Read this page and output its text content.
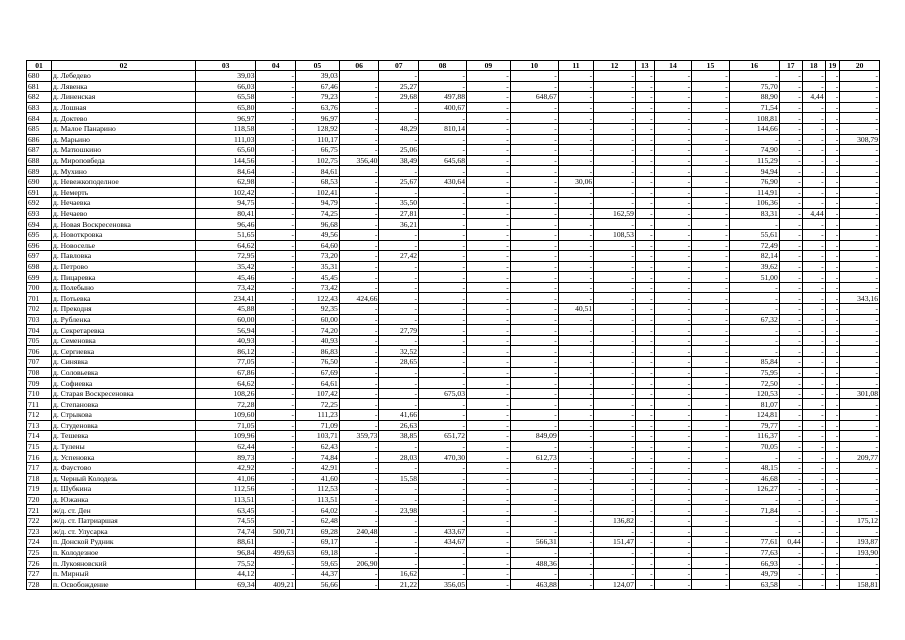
01	02	03	04	05	06	07	08	09	10	11	12	13	14	15	16	17	18	19	20
680	д. Лебедево	39,03	-	39,03		-	-	-	-	-	-	-	-	-	-	-	-	-	-
681	д. Лявенка	66,03	-	67,46	-	25,27	-	-	-	-	-	-	-	-	75,70	-	-	-	-
682	д. Линенская	65,58	-	79,23	-	29,68	497,88	-	648,67	-	-	-	-	-	88,90	-	4,44	-	-
683	д. Лошная	65,80	-	63,76	-	-	400,67	-	-	-	-	-	-	-	71,54	-	-	-	-
684	д. Доктево	96,97	-	96,97	-	-	-	-	-	-	-	-	-	-	108,81	-	-	-	-
685	д. Малое Панарино	118,58	-	128,92	-	48,29	810,14	-	-	-	-	-	-	-	144,66	-	-	-	-
686	д. Марьино	111,03	-	110,17	-	-	-	-	-	-	-	-	-	-	-	-	-	-	308,79
687	д. Матюшкино	65,60	-	66,75	-	25,06	-	-	-	-	-	-	-	-	74,90	-	-	-	-
688	д. Мироповбеда	144,56	-	102,75	356,40	38,49	645,68	-	-	-	-	-	-	-	115,29	-	-	-	-
689	д. Мухино	84,64	-	84,61	-	-	-	-	-	-	-	-	-	-	94,94	-	-	-	-
690	д. Невежкоподелное	62,98	-	68,53	-	25,67	430,64	-	-	30,06	-	-	-	-	76,90	-	-	-	-
691	д. Немерть	102,42	-	102,41	-	-	-	-	-	-	-	-	-	-	114,91	-	-	-	-
692	д. Нечаевка	94,75	-	94,79	-	35,50	-	-	-	-	-	-	-	-	106,36	-	-	-	-
693	д. Нечаево	80,41	-	74,25	-	27,81	-	-	-	-	162,59	-	-	-	83,31	-	4,44	-	-
694	д. Новая Воскресеновка	96,46	-	96,68	-	36,21	-	-	-	-	-	-	-	-	-	-	-	-	-
695	д. Новоткровка	51,65	-	49,56	-	-	-	-	-	-	108,53	-	-	-	55,61	-	-	-	-
696	д. Новоселье	64,62	-	64,60	-	-	-	-	-	-	-	-	-	-	72,49	-	-	-	-
697	д. Павловка	72,95	-	73,20	-	27,42	-	-	-	-	-	-	-	-	82,14	-	-	-	-
698	д. Петрово	35,42	-	35,31	-	-	-	-	-	-	-	-	-	-	39,62	-	-	-	-
699	д. Пицаревка	45,46	-	45,45	-	-	-	-	-	-	-	-	-	-	51,00	-	-	-	-
700	д. Полебыно	73,42	-	73,42	-	-	-	-	-	-	-	-	-	-	-	-	-	-	-
701	д. Потьевка	234,41	-	122,43	424,66	-	-	-	-	-	-	-	-	-	-	-	-	-	343,16
702	д. Прекодня	45,88	-	92,35	-	-	-	-	-	40,51	-	-	-	-	-	-	-	-	-
703	д. Рубленка	60,00	-	60,00	-	-	-	-	-	-	-	-	-	-	67,32	-	-	-	-
704	д. Секретаревка	56,94	-	74,20	-	27,79	-	-	-	-	-	-	-	-	-	-	-	-	-
705	д. Семеновка	40,93	-	40,93	-	-	-	-	-	-	-	-	-	-	-	-	-	-	-
706	д. Сергиевка	86,12	-	86,83	-	32,52	-	-	-	-	-	-	-	-	-	-	-	-	-
707	д. Синявка	77,05	-	76,50	-	28,65	-	-	-	-	-	-	-	-	85,84	-	-	-	-
708	д. Соловьевка	67,86	-	67,69	-	-	-	-	-	-	-	-	-	-	75,95	-	-	-	-
709	д. Софиевка	64,62	-	64,61	-	-	-	-	-	-	-	-	-	-	72,50	-	-	-	-
710	д. Старая Воскресеновка	108,26	-	107,42	-	-	675,03	-	-	-	-	-	-	-	120,53	-	-	-	301,08
711	д. Степановка	72,28	-	72,25	-	-	-	-	-	-	-	-	-	-	81,07	-	-	-	-
712	д. Стрыкова	109,60	-	111,23	-	41,66	-	-	-	-	-	-	-	-	124,81	-	-	-	-
713	д. Студеновка	71,05	-	71,09	-	26,63	-	-	-	-	-	-	-	-	79,77	-	-	-	-
714	д. Тешевка	109,96	-	103,71	359,73	38,85	651,72	-	849,09	-	-	-	-	-	116,37	-	-	-	-
715	д. Тулены	62,44	-	62,43	-	-	-	-	-	-	-	-	-	-	70,05	-	-	-	-
716	д. Успеновка	89,73	-	74,84	-	28,03	470,30	-	612,73	-	-	-	-	-	-	-	-	-	209,77
717	д. Фаустово	42,92	-	42,91	-	-	-	-	-	-	-	-	-	-	48,15	-	-	-	-
718	д. Черный Колодезь	41,06	-	41,60	-	15,58	-	-	-	-	-	-	-	-	46,68	-	-	-	-
719	д. Шубкина	112,56	-	112,53	-	-	-	-	-	-	-	-	-	-	126,27	-	-	-	-
720	д. Южанка	113,51	-	113,51	-	-	-	-	-	-	-	-	-	-	-	-	-	-	-
721	ж/д. ст. Ден	63,45	-	64,02	-	23,98	-	-	-	-	-	-	-	-	71,84	-	-	-	-
722	ж/д. ст. Патриаршая	74,55	-	62,48	-	-	-	-	-	-	136,82	-	-	-	-	-	-	-	175,12
723	ж/д. ст. Улусарка	74,74	500,71	69,28	240,48	-	433,67	-	-	-	-	-	-	-	-	-	-	-	-
724	п. Донской Рудник	88,61	-	69,17	-	-	434,67	-	566,31	-	151,47	-	-	-	77,61	0,44	-	-	193,87
725	п. Колодезное	96,84	499,63	69,18	-	-	-	-	-	-	-	-	-	-	77,63	-	-	-	193,90
726	п. Лукояновский	75,52	-	59,65	206,90	-	-	-	488,36	-	-	-	-	-	66,93	-	-	-	-
727	п. Мирный	44,12	-	44,37	-	16,62	-	-	-	-	-	-	-	-	49,79	-	-	-	-
728	п. Освобождение	69,34	409,21	56,66	-	21,22	356,05	-	463,88	-	124,07	-	-	-	63,58	-	-	-	158,81
